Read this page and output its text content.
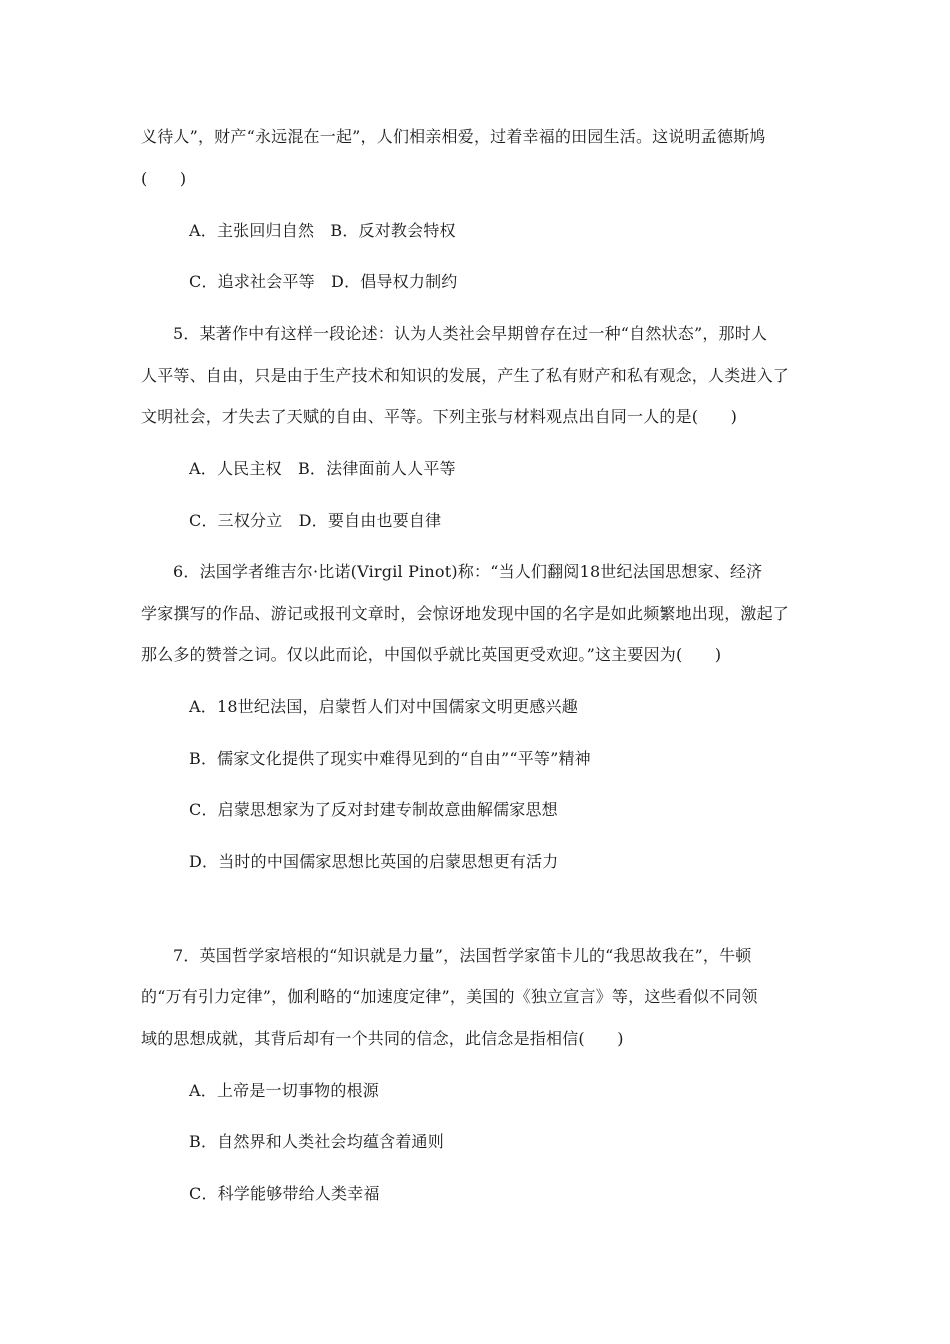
义待人”，财产“永远混在一起”，人们相亲相爱，过着幸福的田园生活。这说明孟德斯鸠
(　　)
A．主张回归自然　B．反对教会特权
C．追求社会平等　D．倡导权力制约
5．某著作中有这样一段论述：认为人类社会早期曾存在过一种“自然状态”，那时人
人平等、自由，只是由于生产技术和知识的发展，产生了私有财产和私有观念，人类进入了
文明社会，才失去了天赋的自由、平等。下列主张与材料观点出自同一人的是(　　)
A．人民主权　B．法律面前人人平等
C．三权分立　D．要自由也要自律
6．法国学者维吉尔·比诺(Virgil Pinot)称：“当人们翻阅18世纪法国思想家、经济
学家撰写的作品、游记或报刊文章时，会惊讶地发现中国的名字是如此频繁地出现，激起了
那么多的赞誉之词。仅以此而论，中国似乎就比英国更受欢迎。”这主要因为(　　)
A．18世纪法国，启蒙哲人们对中国儒家文明更感兴趣
B．儒家文化提供了现实中难得见到的“自由”“平等”精神
C．启蒙思想家为了反对封建专制故意曲解儒家思想
D．当时的中国儒家思想比英国的启蒙思想更有活力
7．英国哲学家培根的“知识就是力量”，法国哲学家笛卡儿的“我思故我在”，牛顿
的“万有引力定律”，伽利略的“加速度定律”，美国的《独立宣言》等，这些看似不同领
域的思想成就，其背后却有一个共同的信念，此信念是指相信(　　)
A．上帝是一切事物的根源
B．自然界和人类社会均蕴含着通则
C．科学能够带给人类幸福
